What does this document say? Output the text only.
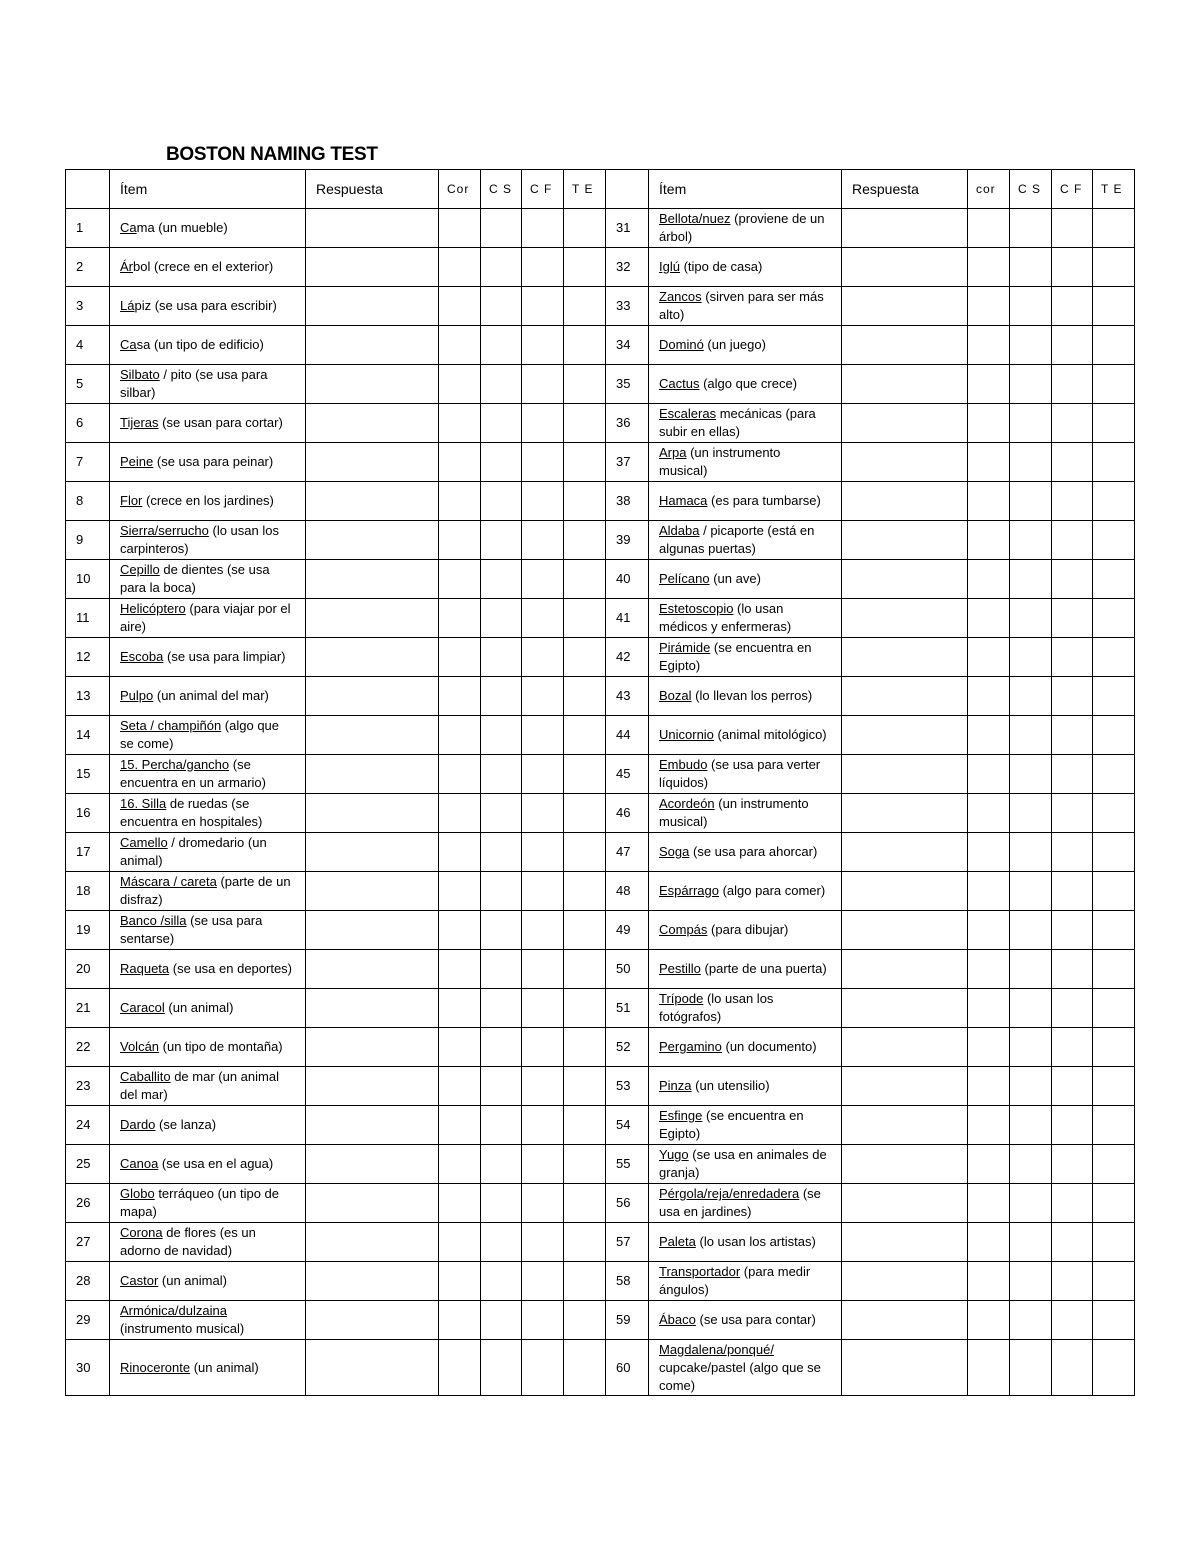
BOSTON NAMING TEST
	Ítem	Respuesta	Cor	C S	C F	T E		Ítem	Respuesta	cor	C S	C F	T E
1	Cama (un mueble)						31	Bellota/nuez (proviene de un árbol)					
2	Árbol (crece en el exterior)						32	Iglú (tipo de casa)					
3	Lápiz (se usa para escribir)						33	Zancos (sirven para ser más alto)					
4	Casa (un tipo de edificio)						34	Dominó (un juego)					
5	Silbato / pito (se usa para silbar)						35	Cactus (algo que crece)					
6	Tijeras (se usan para cortar)						36	Escaleras mecánicas (para subir en ellas)					
7	Peine (se usa para peinar)						37	Arpa (un instrumento musical)					
8	Flor (crece en los jardines)						38	Hamaca (es para tumbarse)					
9	Sierra/serrucho (lo usan los carpinteros)						39	Aldaba / picaporte (está en algunas puertas)					
10	Cepillo de dientes (se usa para la boca)						40	Pelícano (un ave)					
11	Helicóptero (para viajar por el aire)						41	Estetoscopio (lo usan médicos y enfermeras)					
12	Escoba (se usa para limpiar)						42	Pirámide (se encuentra en Egipto)					
13	Pulpo (un animal del mar)						43	Bozal (lo llevan los perros)					
14	Seta / champiñón (algo que se come)						44	Unicornio (animal mitológico)					
15	15. Percha/gancho (se encuentra en un armario)						45	Embudo (se usa para verter líquidos)					
16	16. Silla de ruedas (se encuentra en hospitales)						46	Acordeón (un instrumento musical)					
17	Camello / dromedario (un animal)						47	Soga (se usa para ahorcar)					
18	Máscara / careta (parte de un disfraz)						48	Espárrago (algo para comer)					
19	Banco /silla (se usa para sentarse)						49	Compás (para dibujar)					
20	Raqueta (se usa en deportes)						50	Pestillo (parte de una puerta)					
21	Caracol (un animal)						51	Trípode (lo usan los fotógrafos)					
22	Volcán (un tipo de montaña)						52	Pergamino (un documento)					
23	Caballito de mar (un animal del mar)						53	Pinza (un utensilio)					
24	Dardo (se lanza)						54	Esfinge (se encuentra en Egipto)					
25	Canoa (se usa en el agua)						55	Yugo (se usa en animales de granja)					
26	Globo terráqueo (un tipo de mapa)						56	Pérgola/reja/enredadera (se usa en jardines)					
27	Corona de flores (es un adorno de navidad)						57	Paleta (lo usan los artistas)					
28	Castor (un animal)						58	Transportador (para medir ángulos)					
29	Armónica/dulzaina (instrumento musical)						59	Ábaco (se usa para contar)					
30	Rinoceronte (un animal)						60	Magdalena/ponqué/ cupcake/pastel (algo que se come)					
